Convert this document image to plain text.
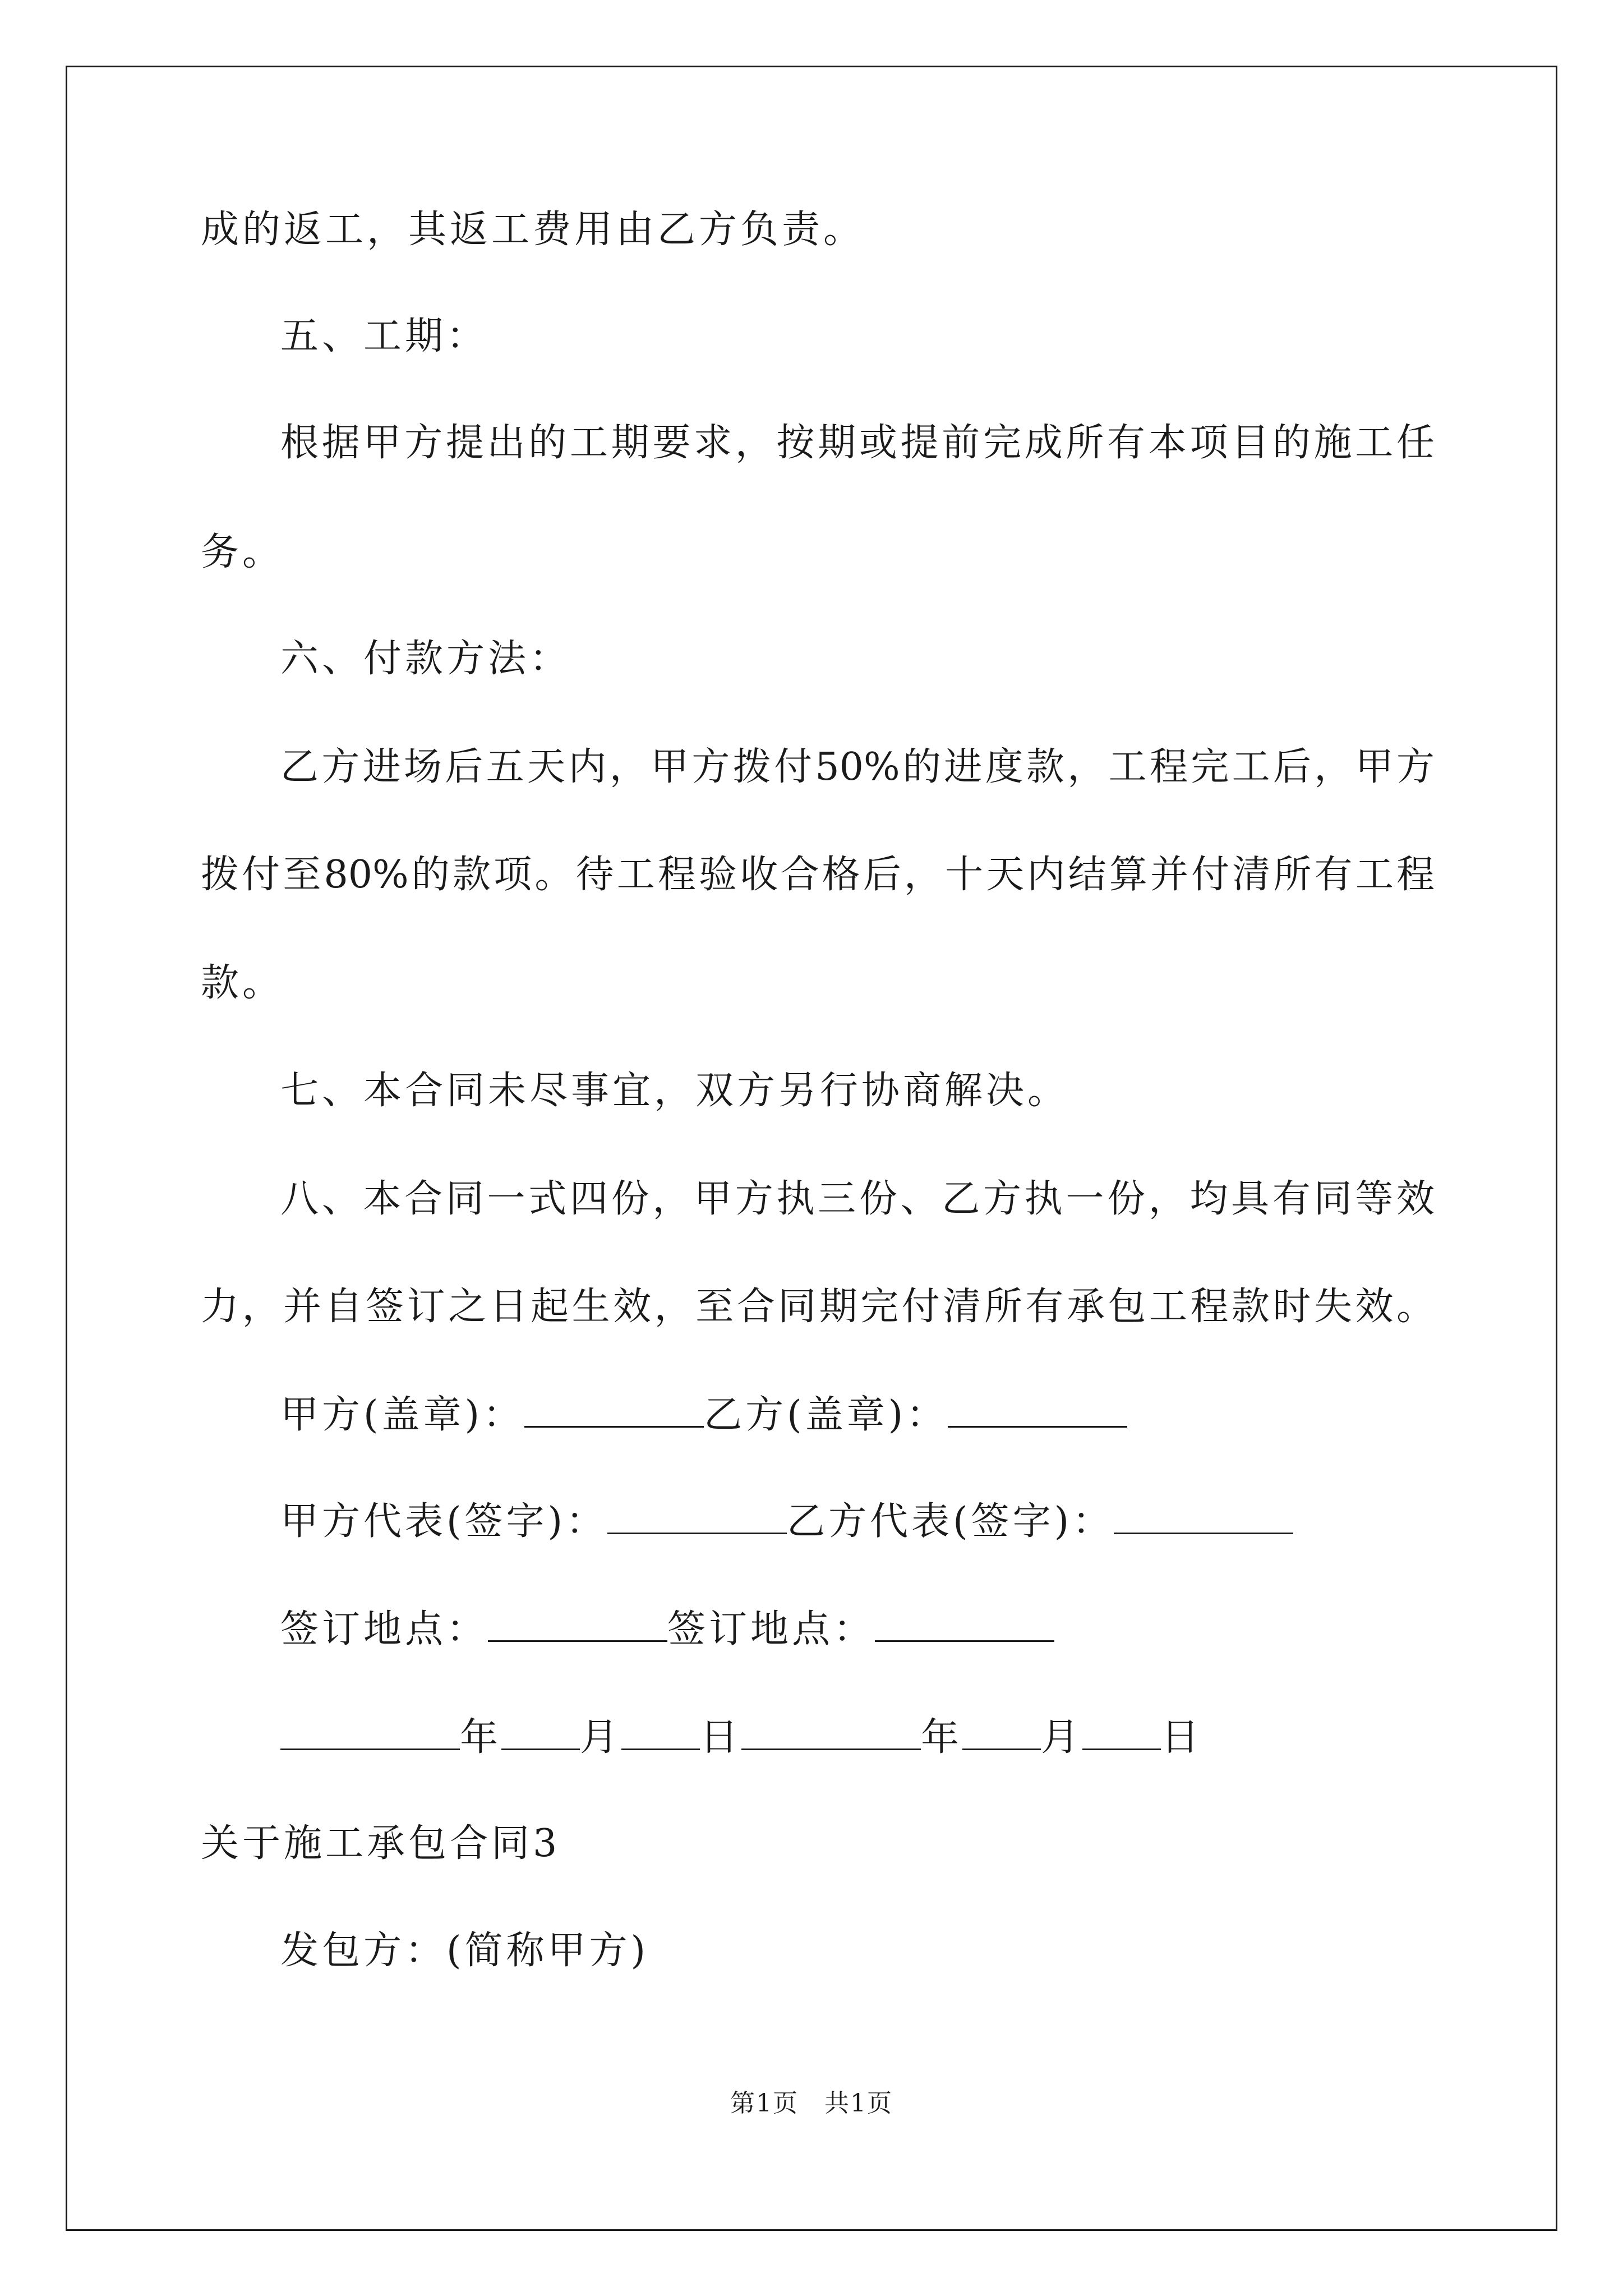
成的返工，其返工费用由乙方负责。
五、工期：
根据甲方提出的工期要求，按期或提前完成所有本项目的施工任
务。
六、付款方法：
乙方进场后五天内，甲方拨付50%的进度款，工程完工后，甲方
拨付至80%的款项。待工程验收合格后，十天内结算并付清所有工程
款。
七、本合同未尽事宜，双方另行协商解决。
八、本合同一式四份，甲方执三份、乙方执一份，均具有同等效
力，并自签订之日起生效，至合同期完付清所有承包工程款时失效。
甲方(盖章)：	乙方(盖章)：
甲方代表(签字)：	乙方代表(签字)：
签订地点：	签订地点：
年 月 日	年 月 日
关于施工承包合同3
发包方：(简称甲方)
第1页　共1页
